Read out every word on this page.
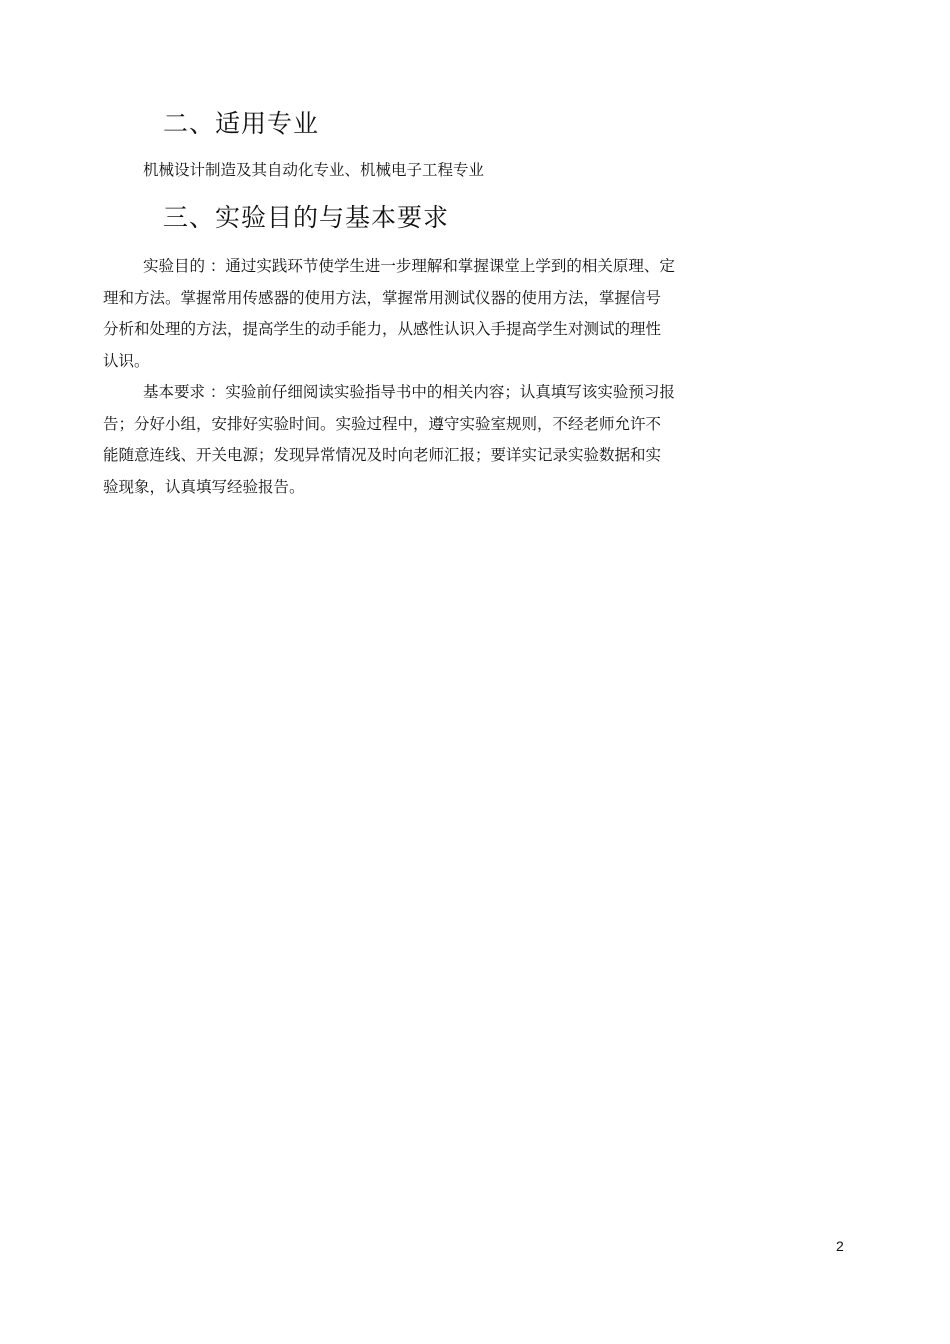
二、适用专业

机械设计制造及其自动化专业、机械电子工程专业

三、实验目的与基本要求

实验目的 ：通过实践环节使学生进一步理解和掌握课堂上学到的相关原理、定
理和方法。掌握常用传感器的使用方法，掌握常用测试仪器的使用方法，掌握信号
分析和处理的方法，提高学生的动手能力，从感性认识入手提高学生对测试的理性
认识。

基本要求 ：实验前仔细阅读实验指导书中的相关内容；认真填写该实验预习报
告；分好小组，安排好实验时间。实验过程中，遵守实验室规则，不经老师允许不
能随意连线、开关电源；发现异常情况及时向老师汇报；要详实记录实验数据和实
验现象，认真填写经验报告。

2
